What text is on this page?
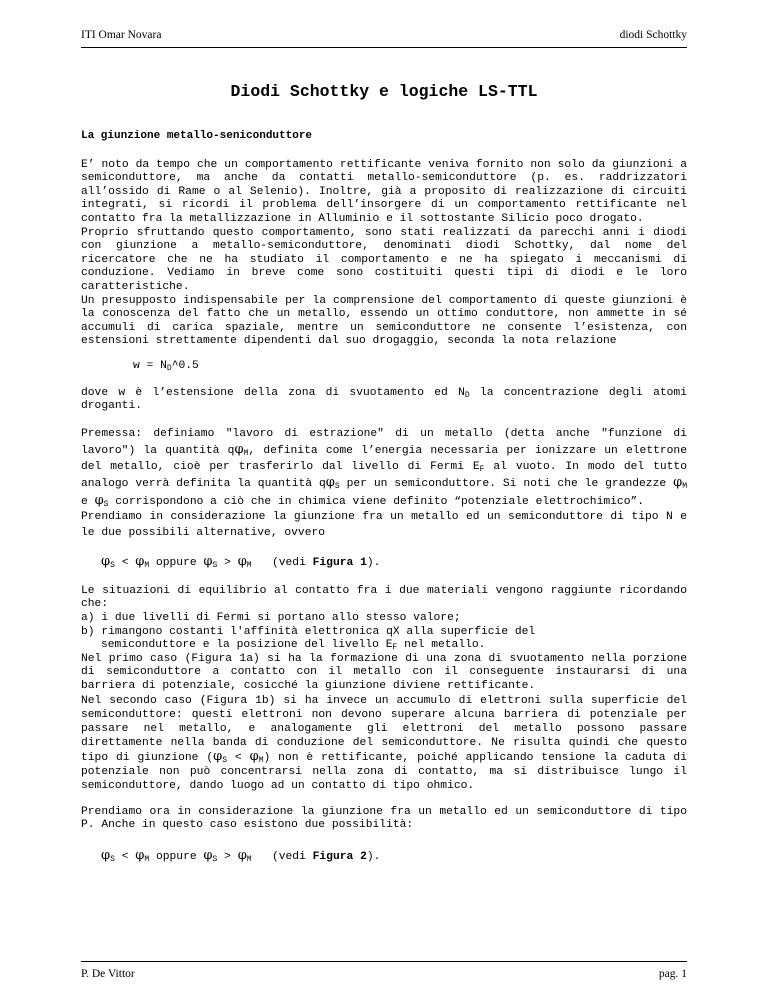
ITI Omar Novara	diodi Schottky
Diodi Schottky e logiche LS-TTL
La giunzione metallo-seniconduttore

E’ noto da tempo che un comportamento rettificante veniva fornito non solo da giunzioni a semiconduttore, ma anche da contatti metallo-semiconduttore (p. es. raddrizzatori all’ossido di Rame o al Selenio). Inoltre, già a proposito di realizzazione di circuiti integrati, si ricordi il problema dell’insorgere di un comportamento rettificante nel contatto fra la metallizzazione in Alluminio e il sottostante Silicio poco drogato.
Proprio sfruttando questo comportamento, sono stati realizzati da parecchi anni i diodi con giunzione a metallo-semiconduttore, denominati diodi Schottky, dal nome del ricercatore che ne ha studiato il comportamento e ne ha spiegato i meccanismi di conduzione. Vediamo in breve come sono costituiti questi tipi di diodi e le loro caratteristiche.
Un presupposto indispensabile per la comprensione del comportamento di queste giunzioni è la conoscenza del fatto che un metallo, essendo un ottimo conduttore, non ammette in sé accumuli di carica spaziale, mentre un semiconduttore ne consente l’esistenza, con estensioni strettamente dipendenti dal suo drogaggio, seconda la nota relazione

$w = N_D\^{}0.5$

dove w è l’estensione della zona di svuotamento ed $N_D$ la concentrazione degli atomi droganti.

Premessa: definiamo "lavoro di estrazione" di un metallo (detta anche "funzione di lavoro") la quantità $q\varphi_M$, definita come l’energia necessaria per ionizzare un elettrone del metallo, cioè per trasferirlo dal livello di Fermi $E_F$ al vuoto. In modo del tutto analogo verrà definita la quantità $q\varphi_S$ per un semiconduttore. Si noti che le grandezze $\varphi_M$ e $\varphi_S$ corrispondono a ciò che in chimica viene definito “potenziale elettrochimico”.
Prendiamo in considerazione la giunzione fra un metallo ed un semiconduttore di tipo N e le due possibili alternative, ovvero

$\varphi_S < \varphi_M$ oppure $\varphi_S > \varphi_M$   (vedi Figura 1).

Le situazioni di equilibrio al contatto fra i due materiali vengono raggiunte ricordando che:

a) i due livelli di Fermi si portano allo stesso valore;

b) rimangono costanti l'affinità elettronica qX alla superficie del

semiconduttore e la posizione del livello $E_F$ nel metallo.

Nel primo caso (Figura 1a) si ha la formazione di una zona di svuotamento nella porzione di semiconduttore a contatto con il metallo con il conseguente instaurarsi di una barriera di potenziale, cosicché la giunzione diviene rettificante.

Nel secondo caso (Figura 1b) si ha invece un accumulo di elettroni sulla superficie del semiconduttore: questi elettroni non devono superare alcuna barriera di potenziale per passare nel metallo, e analogamente gli elettroni del metallo possono passare direttamente nella banda di conduzione del semiconduttore. Ne risulta quindi che questo tipo di giunzione $(\varphi_S < \varphi_M)$ non è rettificante, poiché applicando tensione la caduta di potenziale non può concentrarsi nella zona di contatto, ma si distribuisce lungo il semiconduttore, dando luogo ad un contatto di tipo ohmico.

Prendiamo ora in considerazione la giunzione fra un metallo ed un semiconduttore di tipo P. Anche in questo caso esistono due possibilità:

$\varphi_S < \varphi_M$ oppure $\varphi_S > \varphi_M$   (vedi Figura 2).
P. De Vittor	pag. 1
